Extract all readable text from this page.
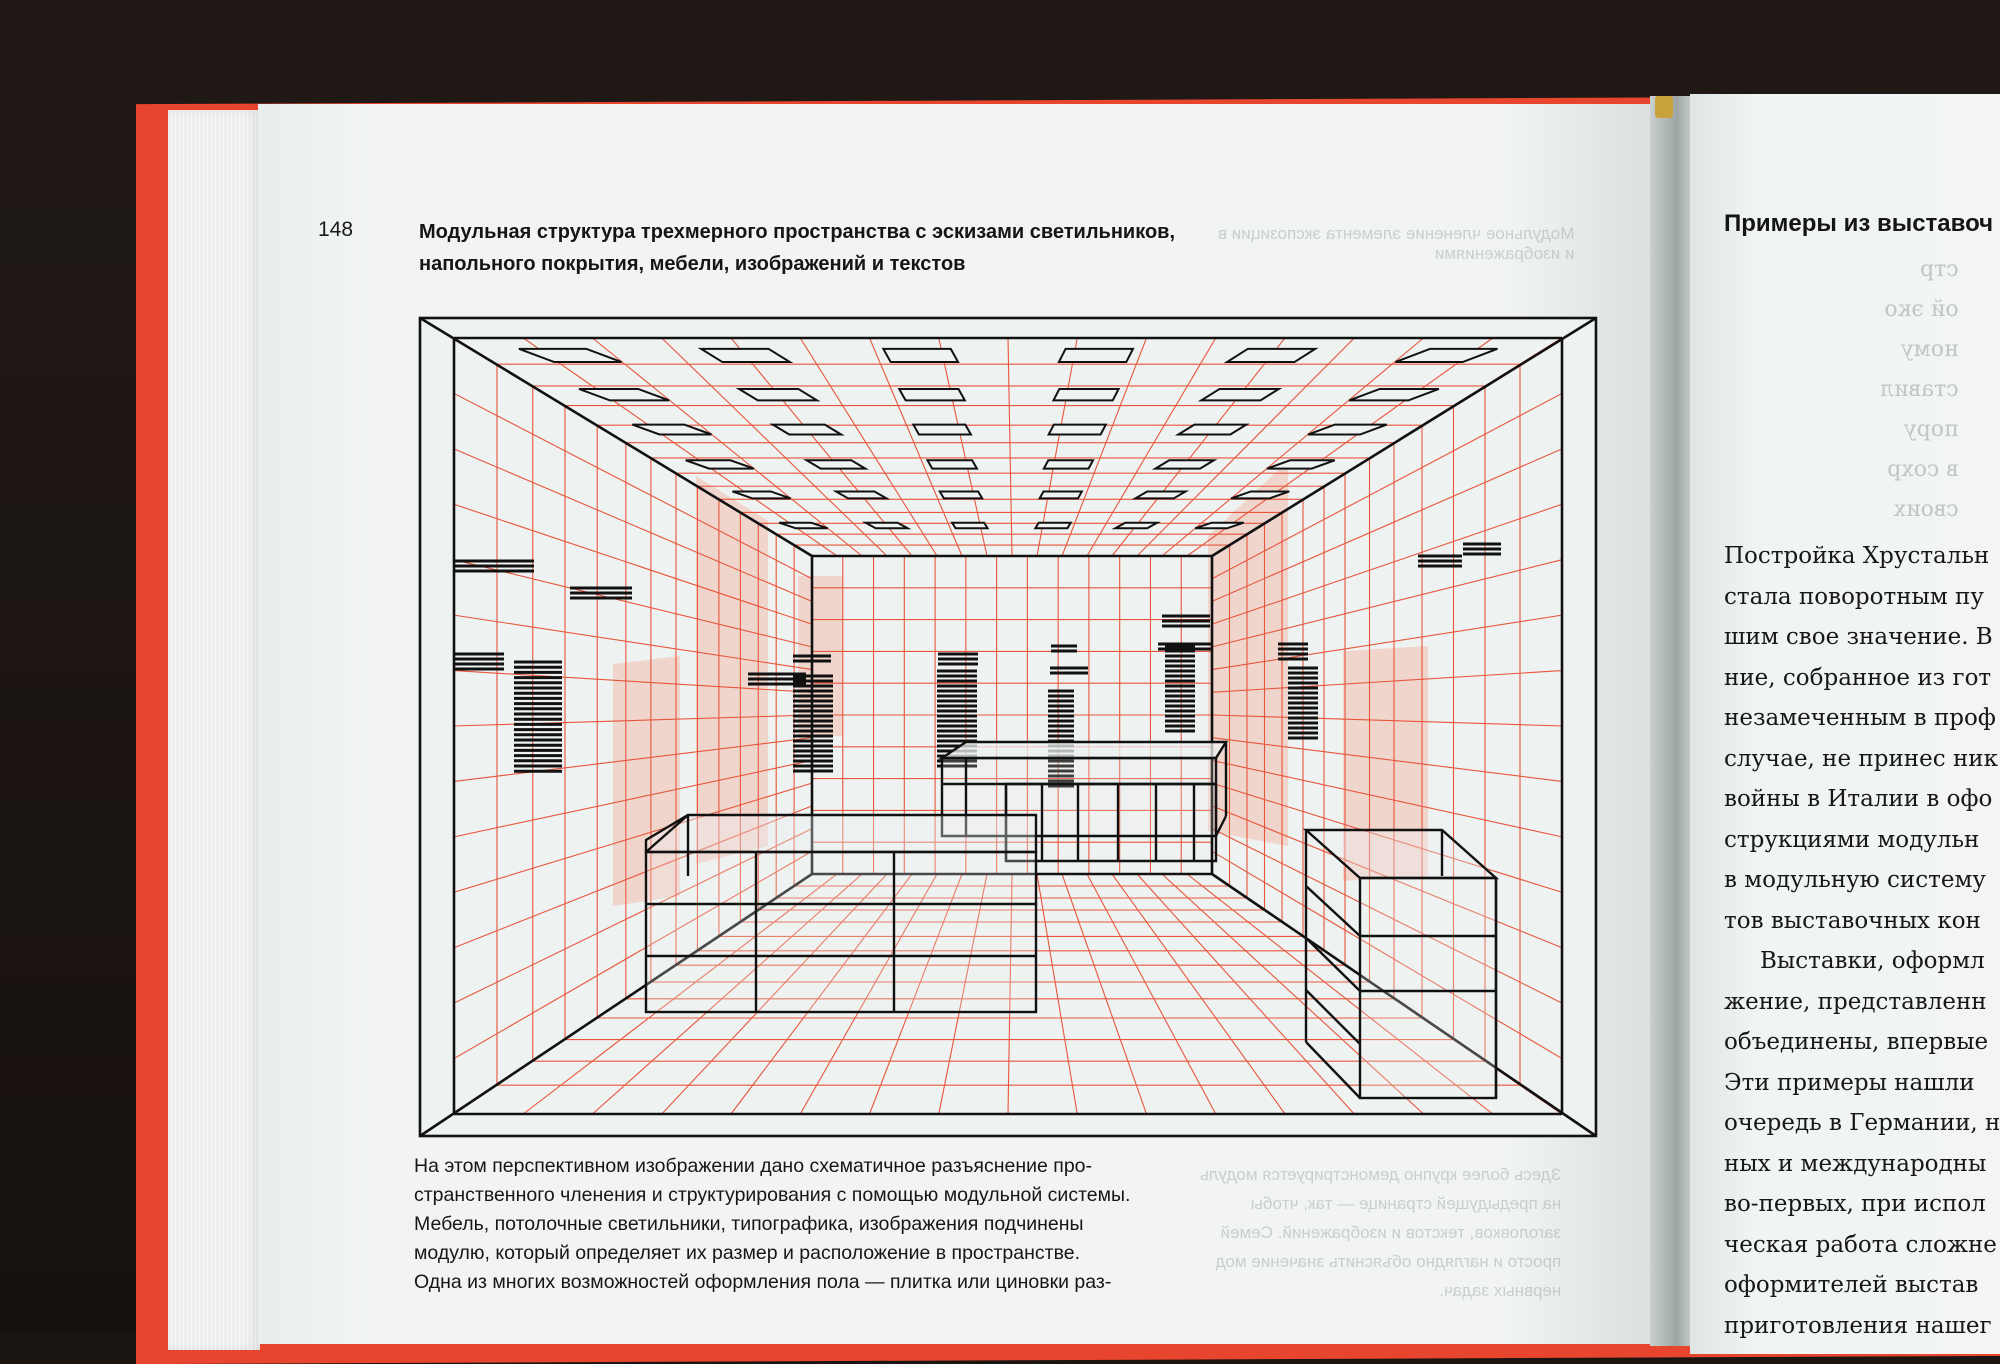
Модульное членение элемента экспозиции в
и изображениями
Здесь более крупно демонстрируется модуль
на предыдущей странице — так, чтобы
заголовков, текстов и изображений. Семей
просто и наглядно объяснить значение мод
нервных задач.
стр
ой эко
ному
ставил
пору
в сохр
своих
148	Модульная структура трехмерного пространства с эскизами светильников,
напольного покрытия, мебели, изображений и текстов
На этом перспективном изображении дано схематичное разъяснение про-
странственного членения и структурирования с помощью модульной системы.
Мебель, потолочные светильники, типографика, изображения подчинены
модулю, который определяет их размер и расположение в пространстве.
Одна из многих возможностей оформления пола — плитка или циновки раз-
Примеры из выставоч
Постройка Хрустальн
стала поворотным пу
шим свое значение. В
ние, собранное из гот
незамеченным в проф
случае, не принес ник
войны в Италии в офо
струкциями модульн
в модульную систему
тов выставочных кон
Выставки, оформл
жение, представленн
объединены, впервые
Эти примеры нашли
очередь в Германии, н
ных и международны
во-первых, при испол
ческая работа сложне
оформителей выстав
приготовления нашег
